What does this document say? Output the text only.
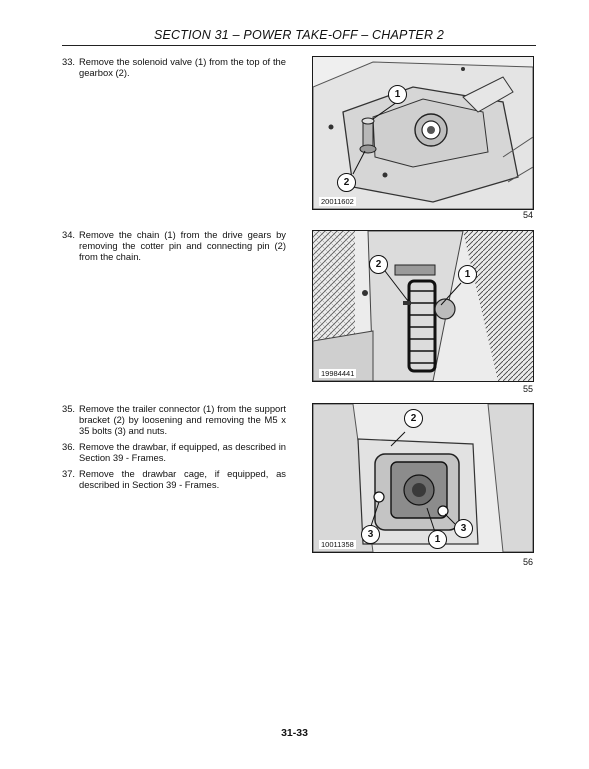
SECTION 31 – POWER TAKE-OFF – CHAPTER 2
33. Remove the solenoid valve (1) from the top of the gearbox (2).
1
2
20011602
54
34. Remove the chain (1) from the drive gears by removing the cotter pin and connecting pin (2) from the chain.
2
1
19984441
55
35. Remove the trailer connector (1) from the support bracket (2) by loosening and removing the M5 x 35 bolts (3) and nuts.
36. Remove the drawbar, if equipped, as described in Section 39 - Frames.
37. Remove the drawbar cage, if equipped, as described in Section 39 - Frames.
2
3
3
1
10011358
56
31-33
